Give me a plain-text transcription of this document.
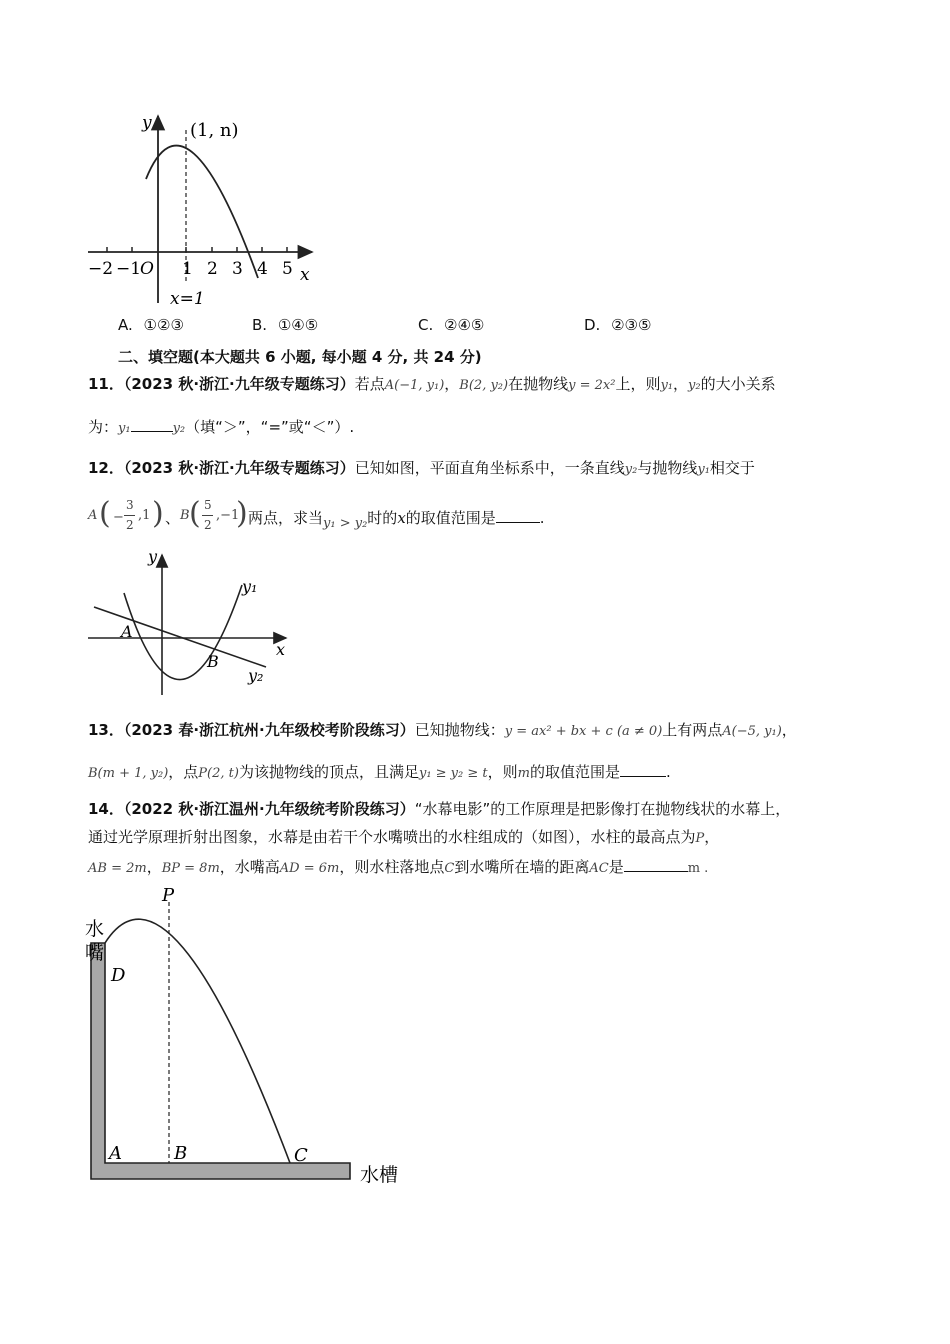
y (1, n)
x
−2 −1
O 1 2 3 4 5
x=1
A. ①②③	B. ①④⑤	C. ②④⑤	D. ②③⑤
二、填空题(本大题共 6 小题, 每小题 4 分, 共 24 分)
11．（2023 秋·浙江·九年级专题练习）若点A(−1, y₁)，B(2, y₂)在抛物线y = 2x²上，则y₁，y₂的大小关系
为：y₁	y₂（填“＞”，“=”或“＜”）.
12．（2023 秋·浙江·九年级专题练习）已知如图，平面直角坐标系中，一条直线y₂与抛物线y₁相交于
A ( −
3
2
,1 ) 、 B ( 5
2
,−1
) 两点，求当y₁ > y₂时的x的取值范围是	.
y
x
A
B
y₁
y₂
13．（2023 春·浙江杭州·九年级校考阶段练习）已知抛物线：y = ax² + bx + c (a ≠ 0)上有两点A(−5, y₁)，
B(m + 1, y₂)，点P(2, t)为该抛物线的顶点，且满足y₁ ≥ y₂ ≥ t，则m的取值范围是	.
14．（2022 秋·浙江温州·九年级统考阶段练习）“水幕电影”的工作原理是把影像打在抛物线状的水幕上，
通过光学原理折射出图象，水幕是由若干个水嘴喷出的水柱组成的（如图），水柱的最高点为P，
AB = 2m，BP = 8m，水嘴高AD = 6m，则水柱落地点C到水嘴所在墙的距离AC是	m .
水
嘴
P
D
A	B	C
水槽
